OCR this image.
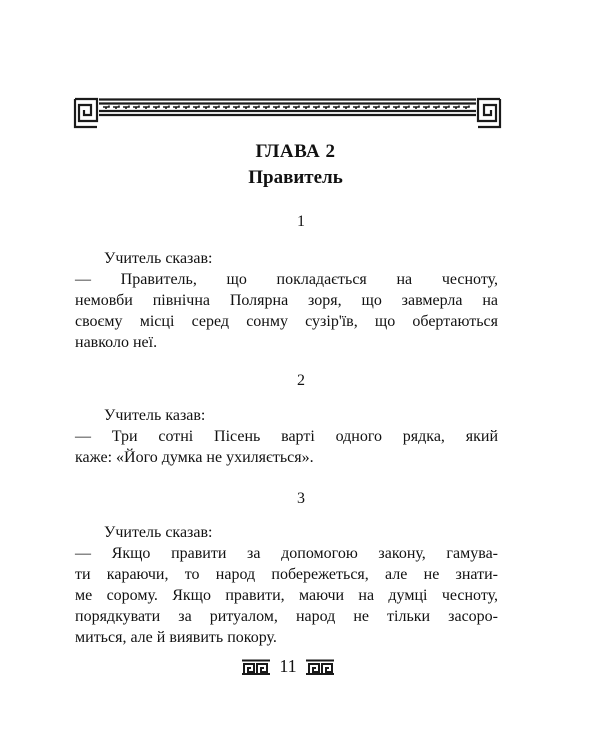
ГЛАВА 2
Правитель
1
Учитель сказав:
— Правитель, що покладається на чесноту,
немовби північна Полярна зоря, що завмерла на
своєму місці серед сонму сузір'їв, що обертаються
навколо неї.
2
Учитель казав:
— Три сотні Пісень варті одного рядка, який
каже: «Його думка не ухиляється».
3
Учитель сказав:
— Якщо правити за допомогою закону, гамува-
ти караючи, то народ побережеться, але не знати-
ме сорому. Якщо правити, маючи на думці чесноту,
порядкувати за ритуалом, народ не тільки засоро-
миться, але й виявить покору.
11
